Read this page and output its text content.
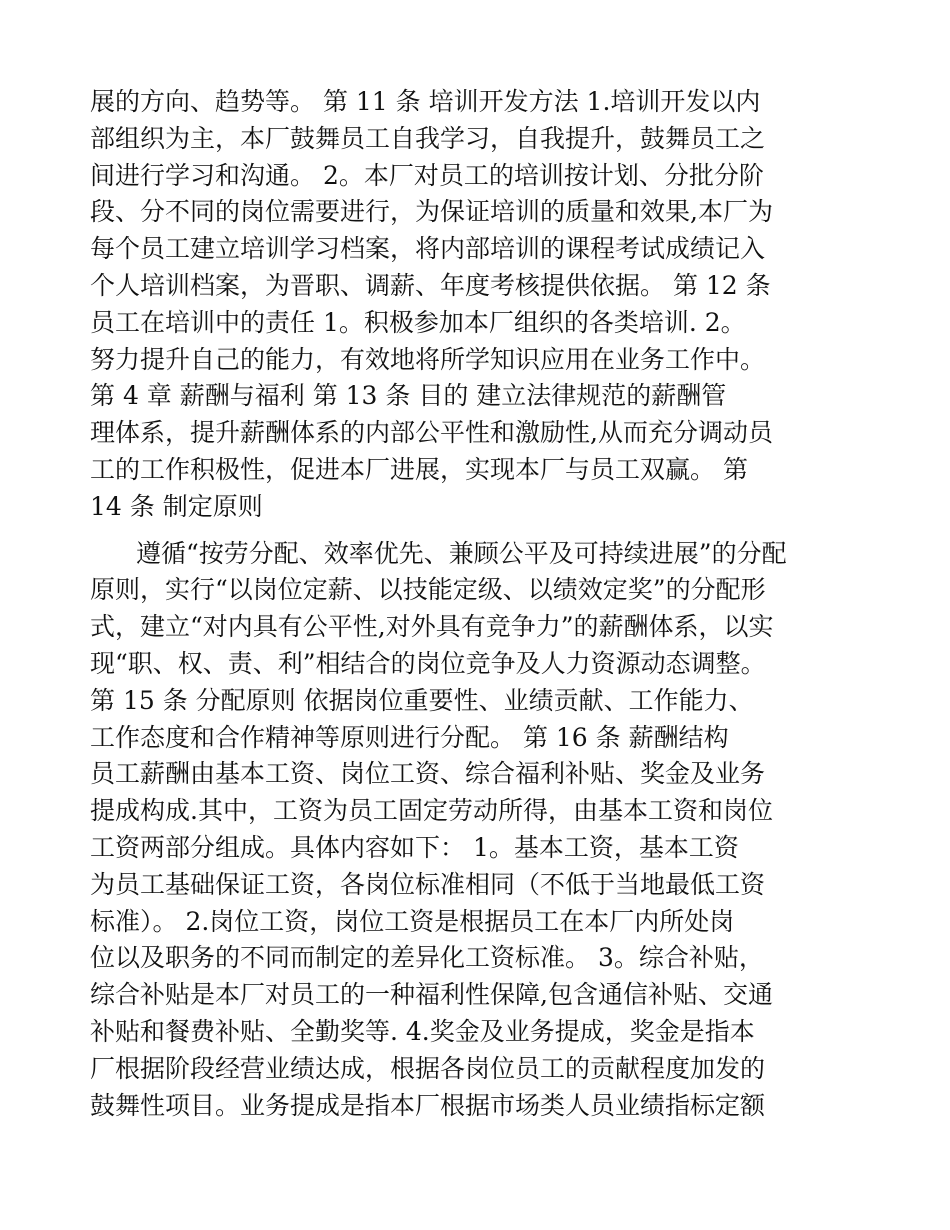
展的方向、趋势等。 第 11 条 培训开发方法 1.培训开发以内
部组织为主，本厂鼓舞员工自我学习，自我提升，鼓舞员工之
间进行学习和沟通。 2。本厂对员工的培训按计划、分批分阶
段、分不同的岗位需要进行，为保证培训的质量和效果,本厂为
每个员工建立培训学习档案，将内部培训的课程考试成绩记入
个人培训档案，为晋职、调薪、年度考核提供依据。 第 12 条
员工在培训中的责任 1。积极参加本厂组织的各类培训. 2。
努力提升自己的能力，有效地将所学知识应用在业务工作中。
第 4 章 薪酬与福利 第 13 条 目的 建立法律规范的薪酬管
理体系，提升薪酬体系的内部公平性和激励性,从而充分调动员
工的工作积极性，促进本厂进展，实现本厂与员工双赢。 第
14 条 制定原则
遵循“按劳分配、效率优先、兼顾公平及可持续进展”的分配
原则，实行“以岗位定薪、以技能定级、以绩效定奖”的分配形
式，建立“对内具有公平性,对外具有竞争力”的薪酬体系，以实
现“职、权、责、利”相结合的岗位竞争及人力资源动态调整。
第 15 条 分配原则 依据岗位重要性、业绩贡献、工作能力、
工作态度和合作精神等原则进行分配。 第 16 条 薪酬结构
员工薪酬由基本工资、岗位工资、综合福利补贴、奖金及业务
提成构成.其中，工资为员工固定劳动所得，由基本工资和岗位
工资两部分组成。具体内容如下： 1。基本工资，基本工资
为员工基础保证工资，各岗位标准相同（不低于当地最低工资
标准）。 2.岗位工资，岗位工资是根据员工在本厂内所处岗
位以及职务的不同而制定的差异化工资标准。 3。综合补贴，
综合补贴是本厂对员工的一种福利性保障,包含通信补贴、交通
补贴和餐费补贴、全勤奖等. 4.奖金及业务提成，奖金是指本
厂根据阶段经营业绩达成，根据各岗位员工的贡献程度加发的
鼓舞性项目。业务提成是指本厂根据市场类人员业绩指标定额
